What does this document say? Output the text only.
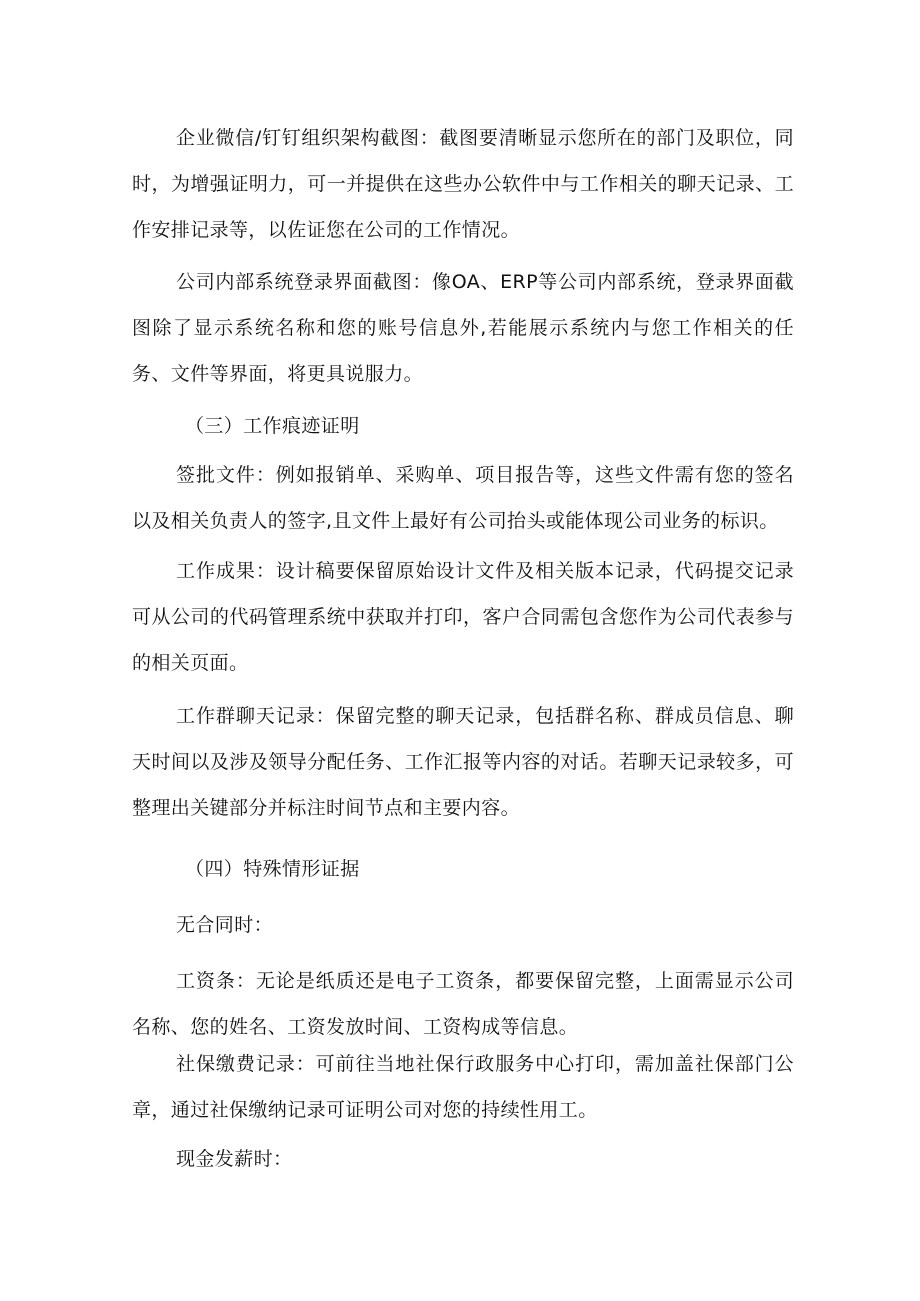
企业微信/钉钉组织架构截图：截图要清晰显示您所在的部门及职位，同时，为增强证明力，可一并提供在这些办公软件中与工作相关的聊天记录、工作安排记录等，以佐证您在公司的工作情况。

公司内部系统登录界面截图：像OA、ERP等公司内部系统，登录界面截图除了显示系统名称和您的账号信息外,若能展示系统内与您工作相关的任务、文件等界面，将更具说服力。

（三）工作痕迹证明

签批文件：例如报销单、采购单、项目报告等，这些文件需有您的签名以及相关负责人的签字,且文件上最好有公司抬头或能体现公司业务的标识。

工作成果：设计稿要保留原始设计文件及相关版本记录，代码提交记录可从公司的代码管理系统中获取并打印，客户合同需包含您作为公司代表参与的相关页面。

工作群聊天记录：保留完整的聊天记录，包括群名称、群成员信息、聊天时间以及涉及领导分配任务、工作汇报等内容的对话。若聊天记录较多，可整理出关键部分并标注时间节点和主要内容。

（四）特殊情形证据

无合同时：

工资条：无论是纸质还是电子工资条，都要保留完整，上面需显示公司名称、您的姓名、工资发放时间、工资构成等信息。

社保缴费记录：可前往当地社保行政服务中心打印，需加盖社保部门公章，通过社保缴纳记录可证明公司对您的持续性用工。

现金发薪时：
